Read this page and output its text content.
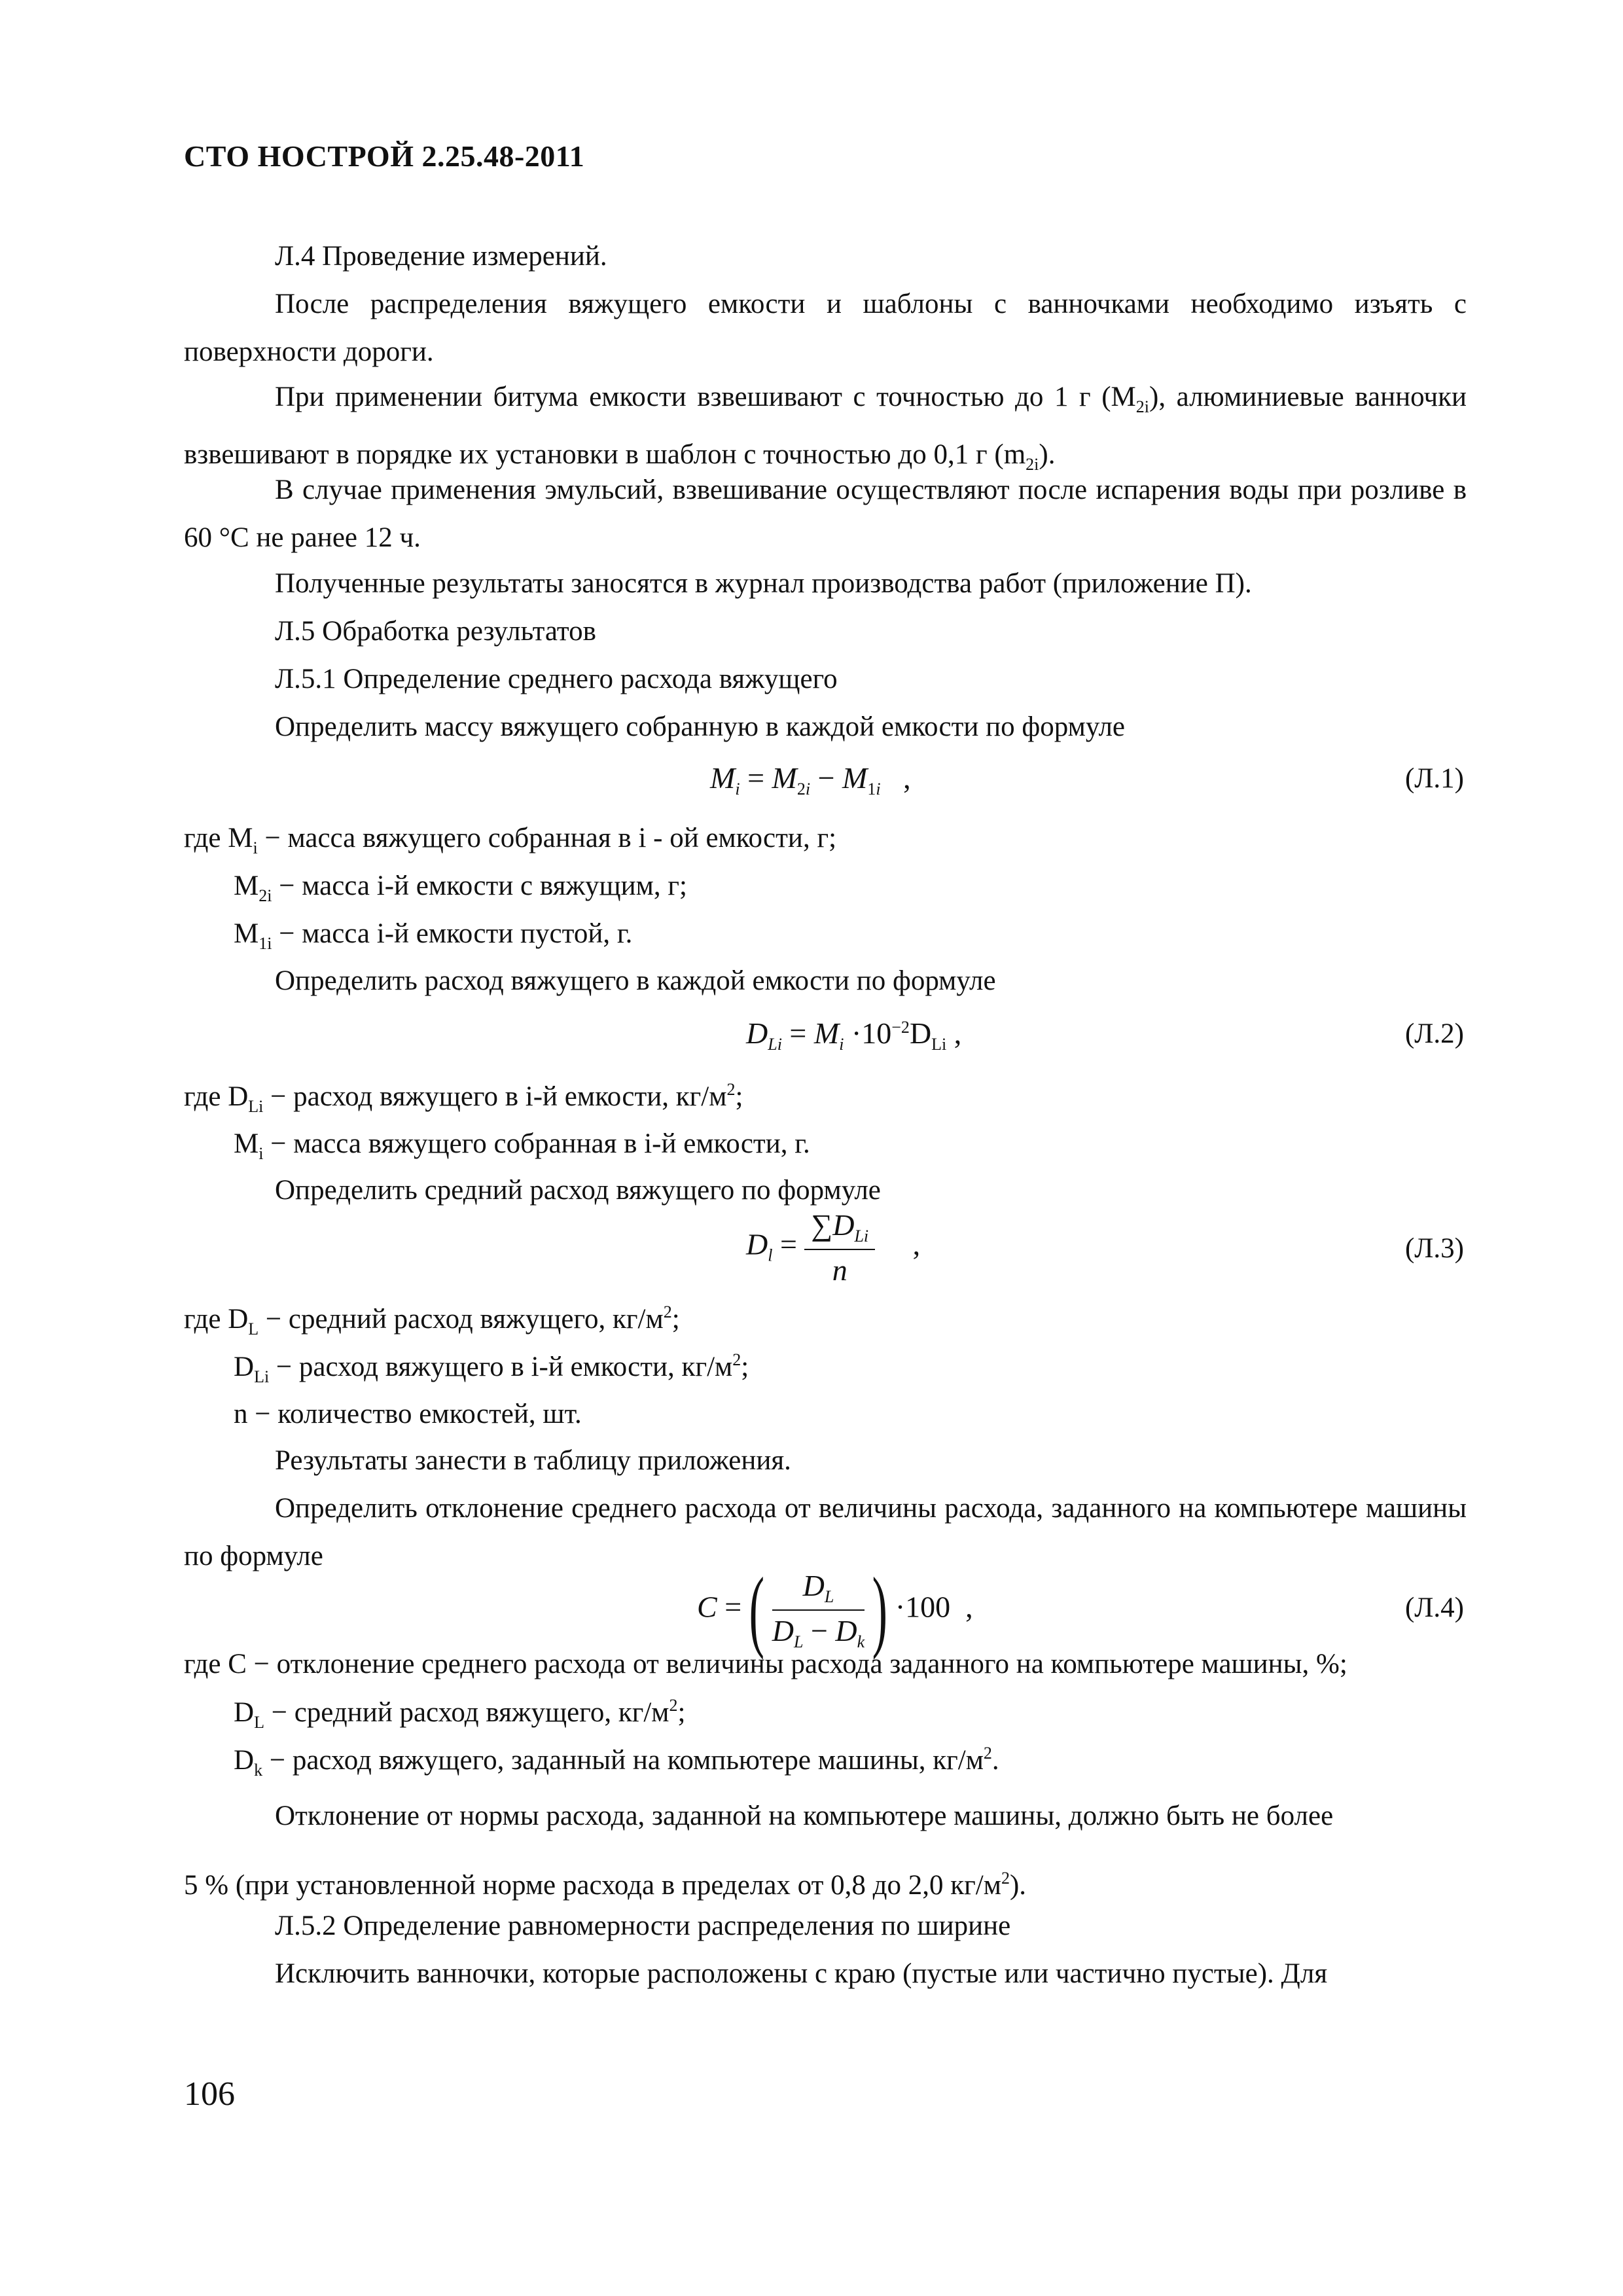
СТО НОСТРОЙ 2.25.48-2011
Л.4 Проведение измерений.
После распределения вяжущего емкости и шаблоны с ванночками необходимо изъять с поверхности дороги.
При применении битума емкости взвешивают с точностью до 1 г $(М_{2i})$, алюминиевые ванночки взвешивают в порядке их установки в шаблон с точностью до 0,1 г $(m_{2i})$.
В случае применения эмульсий, взвешивание осуществляют после испарения воды при розливе в 60 °С не ранее 12 ч.
Полученные результаты заносятся в журнал производства работ (приложение П).
Л.5 Обработка результатов
Л.5.1 Определение среднего расхода вяжущего
Определить массу вяжущего собранную в каждой емкости по формуле
$M_i = M_{2i} - M_{1i}$   ,	(Л.1)
где $М_i$ − масса вяжущего собранная в i - ой емкости, г;
$М_{2i}$ − масса i-й емкости с вяжущим, г;
$М_{1i}$ − масса i-й емкости пустой, г.
Определить расход вяжущего в каждой емкости по формуле
$D_{Li} = M_i \cdot 10^{-2}D_{Li}$ ,	(Л.2)
где $D_{Li}$ − расход вяжущего в i-й емкости, $кг/м^2$;
$M_i$ − масса вяжущего собранная в i-й емкости, г.
Определить средний расход вяжущего по формуле
$D_l = \frac{\sum D_{Li}}{n}$ ,	(Л.3)
где $D_L$ − средний расход вяжущего, $кг/м^2$;
$D_{Li}$ − расход вяжущего в i-й емкости, $кг/м^2$;
n − количество емкостей, шт.
Результаты занести в таблицу приложения.
Определить отклонение среднего расхода от величины расхода, заданного на компьютере машины по формуле
C =( $\frac{D_L}{D_L - D_k}$ ) ·100  ,	(Л.4)
где С − отклонение среднего расхода от величины расхода заданного на компьютере машины, %;
$D_L$ − средний расход вяжущего, $кг/м^2$;
$D_k$ − расход вяжущего, заданный на компьютере машины, $кг/м^2$.
Отклонение от нормы расхода, заданной на компьютере машины, должно быть не более
5 % (при установленной норме расхода в пределах от 0,8 до 2,0 $кг/м^2$).
Л.5.2 Определение равномерности распределения по ширине
Исключить ванночки, которые расположены с краю (пустые или частично пустые). Для
106
